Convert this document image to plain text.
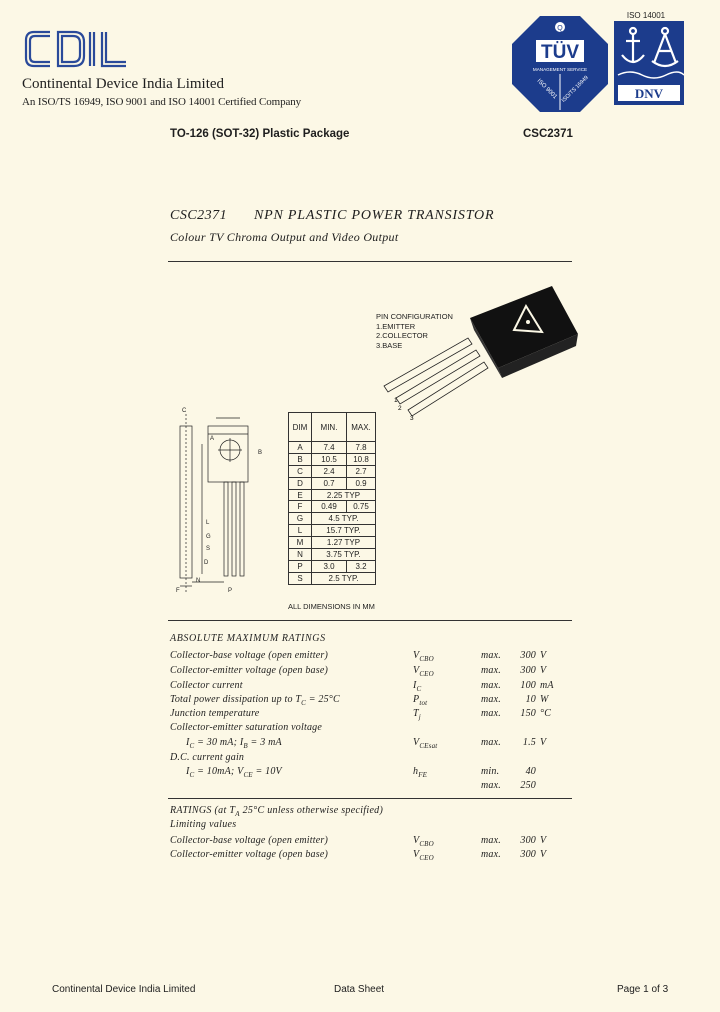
CDIL
Continental Device India Limited
An ISO/TS 16949, ISO 9001 and ISO 14001 Certified Company
Q
TÜV
MANAGEMENT SERVICE
ISO 9001 ISO/TS 16949
ISO 14001
DNV
TO-126 (SOT-32) Plastic Package	CSC2371
CSC2371 NPN PLASTIC POWER TRANSISTOR
Colour TV Chroma Output and Video Output
PIN CONFIGURATION
1.EMITTER
2.COLLECTOR
3.BASE
1
2
3
C
A
B
D
N
F
L
G
S
P
DIM	MIN.	MAX.
A	7.4	7.8
B	10.5	10.8
C	2.4	2.7
D	0.7	0.9
E	2.25 TYP	
F	0.49	0.75
G	4.5 TYP.	
L	15.7 TYP.	
M	1.27 TYP	
N	3.75 TYP.	
P	3.0	3.2
S	2.5 TYP.	
ALL DIMENSIONS IN MM
ABSOLUTE MAXIMUM RATINGS
Collector-base voltage (open emitter)	$V_{CBO}$	max.	300 V
Collector-emitter voltage (open base)	$V_{CEO}$	max.	300 V
Collector current	$I_C$	max.	100 mA
Total power dissipation up to $T_C = 25^\circ C$	$P_{tot}$	max.	10 W
Junction temperature	$T_j$	max.	150 °C
Collector-emitter saturation voltage
$I_C = 30$ mA; $I_B = 3$ mA	$V_{CEsat}$	max.	1.5 V
D.C. current gain
$I_C = 10mA$; $V_{CE} = 10V$	$h_{FE}$	min.	40
max.	250
RATINGS (at $T_A$ 25°C unless otherwise specified)
Limiting values
Collector-base voltage (open emitter)	$V_{CBO}$	max.	300 V
Collector-emitter voltage (open base)	$V_{CEO}$	max.	300 V
Continental Device India Limited	Data Sheet	Page 1 of 3
